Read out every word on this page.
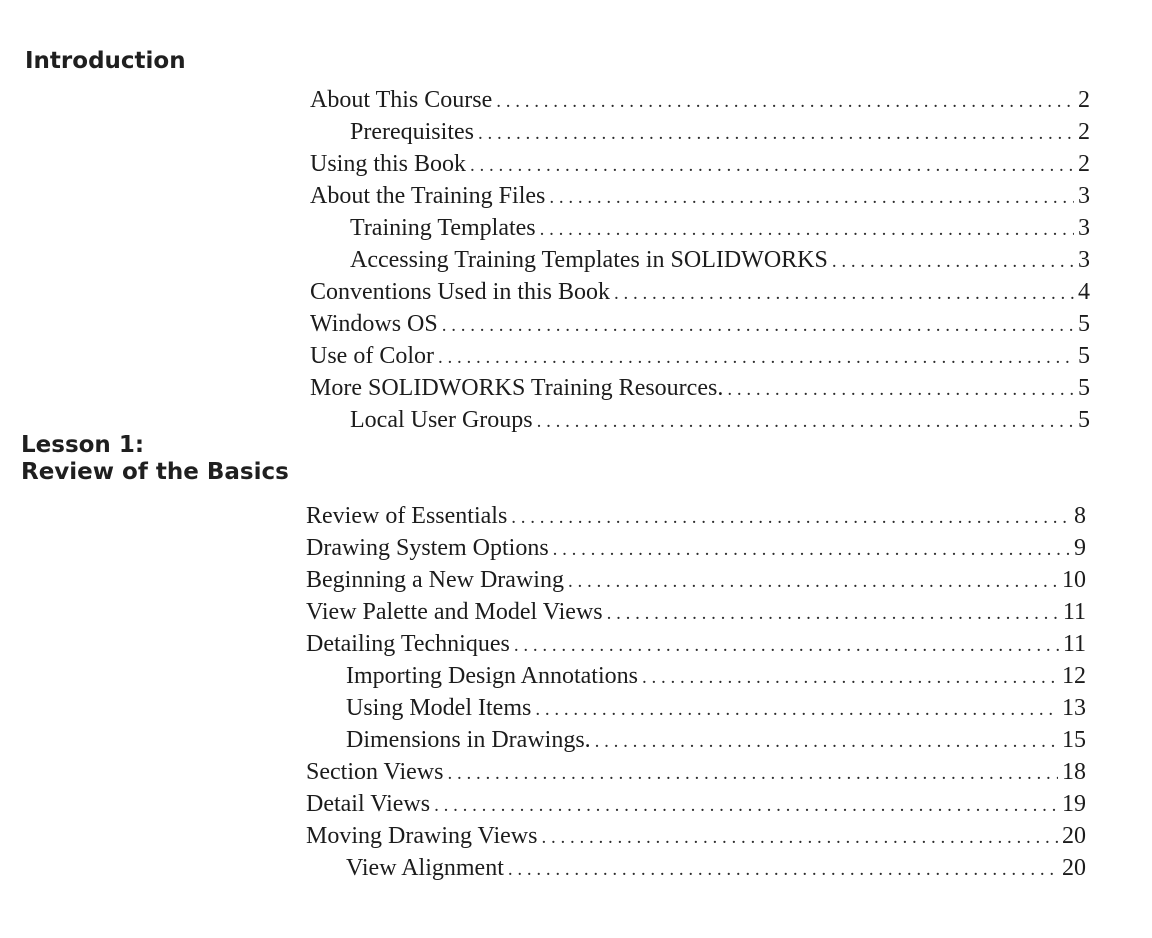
Introduction
About This Course . . .	2
Prerequisites . . .	2
Using this Book . . .	2
About the Training Files . . .	3
Training Templates . . .	3
Accessing Training Templates in SOLIDWORKS . . .	3
Conventions Used in this Book . . .	4
Windows OS . . .	5
Use of Color . . .	5
More SOLIDWORKS Training Resources. . . .	5
Local User Groups . . .	5
Lesson 1:
Review of the Basics
Review of Essentials . . .	8
Drawing System Options . . .	9
Beginning a New Drawing . . .	10
View Palette and Model Views . . .	11
Detailing Techniques . . .	11
Importing Design Annotations . . .	12
Using Model Items . . .	13
Dimensions in Drawings. . . .	15
Section Views . . .	18
Detail Views . . .	19
Moving Drawing Views . . .	20
View Alignment . . .	20
